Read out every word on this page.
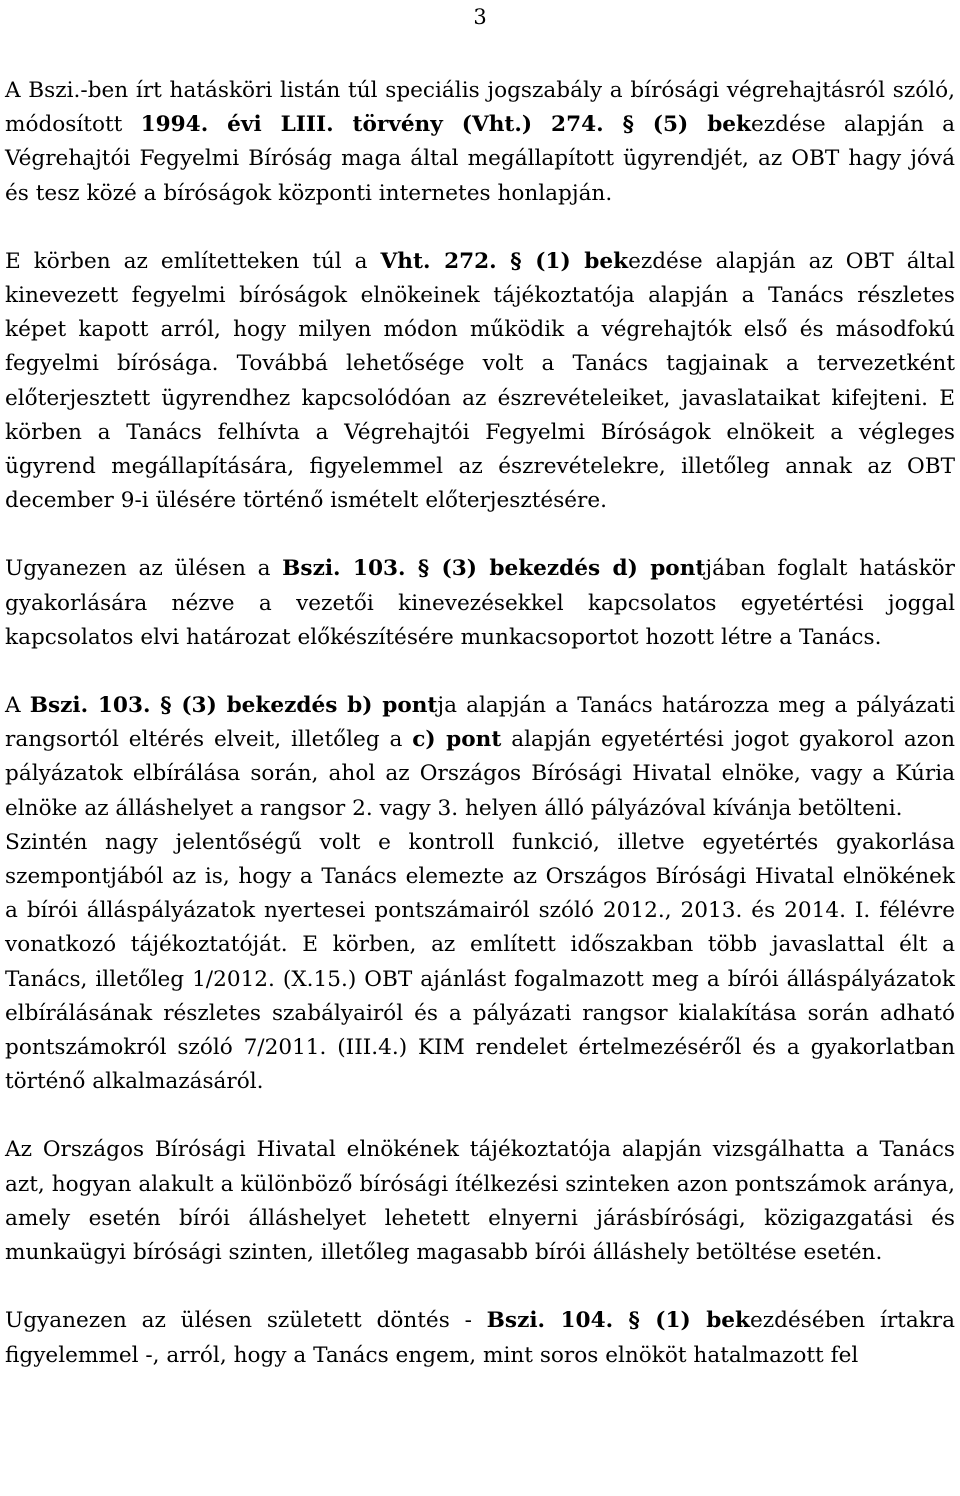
3

A Bszi.-ben írt hatásköri listán túl speciális jogszabály a bírósági végrehajtásról szóló, módosított 1994. évi LIII. törvény (Vht.) 274. § (5) bekezdése alapján a Végrehajtói Fegyelmi Bíróság maga által megállapított ügyrendjét, az OBT hagy jóvá és tesz közé a bíróságok központi internetes honlapján.

E körben az említetteken túl a Vht. 272. § (1) bekezdése alapján az OBT által kinevezett fegyelmi bíróságok elnökeinek tájékoztatója alapján a Tanács részletes képet kapott arról, hogy milyen módon működik a végrehajtók első és másodfokú fegyelmi bírósága. Továbbá lehetősége volt a Tanács tagjainak a tervezetként előterjesztett ügyrendhez kapcsolódóan az észrevételeiket, javaslataikat kifejteni. E körben a Tanács felhívta a Végrehajtói Fegyelmi Bíróságok elnökeit a végleges ügyrend megállapítására, figyelemmel az észrevételekre, illetőleg annak az OBT december 9-i ülésére történő ismételt előterjesztésére.

Ugyanezen az ülésen a Bszi. 103. § (3) bekezdés d) pontjában foglalt hatáskör gyakorlására nézve a vezetői kinevezésekkel kapcsolatos egyetértési joggal kapcsolatos elvi határozat előkészítésére munkacsoportot hozott létre a Tanács.

A Bszi. 103. § (3) bekezdés b) pontja alapján a Tanács határozza meg a pályázati rangsortól eltérés elveit, illetőleg a c) pont alapján egyetértési jogot gyakorol azon pályázatok elbírálása során, ahol az Országos Bírósági Hivatal elnöke, vagy a Kúria elnöke az álláshelyet a rangsor 2. vagy 3. helyen álló pályázóval kívánja betölteni.

Szintén nagy jelentőségű volt e kontroll funkció, illetve egyetértés gyakorlása szempontjából az is, hogy a Tanács elemezte az Országos Bírósági Hivatal elnökének a bírói álláspályázatok nyertesei pontszámairól szóló 2012., 2013. és 2014. I. félévre vonatkozó tájékoztatóját. E körben, az említett időszakban több javaslattal élt a Tanács, illetőleg 1/2012. (X.15.) OBT ajánlást fogalmazott meg a bírói álláspályázatok elbírálásának részletes szabályairól és a pályázati rangsor kialakítása során adható pontszámokról szóló 7/2011. (III.4.) KIM rendelet értelmezéséről és a gyakorlatban történő alkalmazásáról.

Az Országos Bírósági Hivatal elnökének tájékoztatója alapján vizsgálhatta a Tanács azt, hogyan alakult a különböző bírósági ítélkezési szinteken azon pontszámok aránya, amely esetén bírói álláshelyet lehetett elnyerni járásbírósági, közigazgatási és munkaügyi bírósági szinten, illetőleg magasabb bírói álláshely betöltése esetén.

Ugyanezen az ülésen született döntés - Bszi. 104. § (1) bekezdésében írtakra figyelemmel -, arról, hogy a Tanács engem, mint soros elnököt hatalmazott fel
